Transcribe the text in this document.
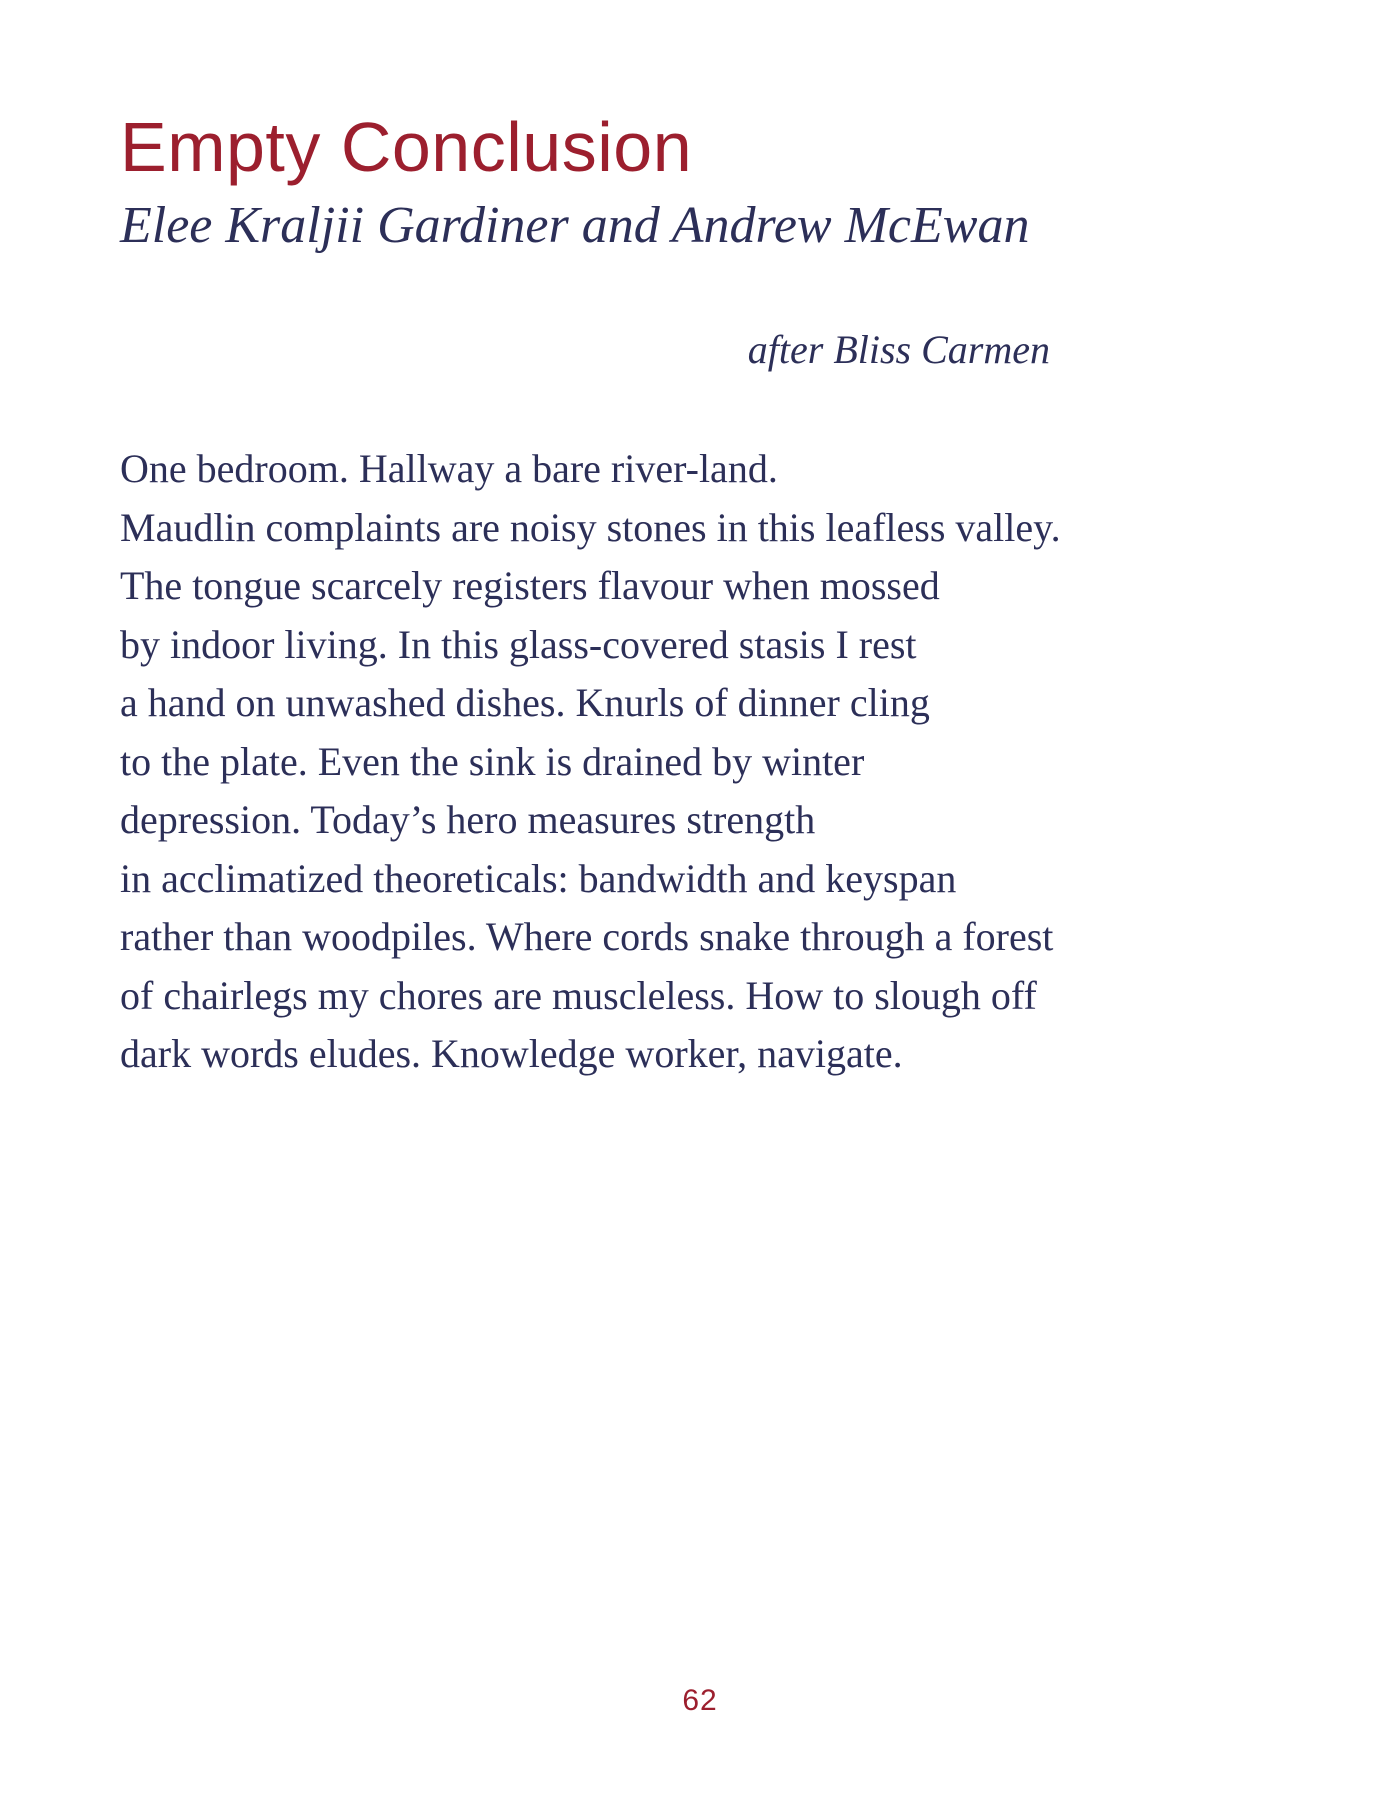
Empty Conclusion
Elee Kraljii Gardiner and Andrew McEwan

after Bliss Carmen

One bedroom. Hallway a bare river-land.
Maudlin complaints are noisy stones in this leafless valley.
The tongue scarcely registers flavour when mossed
by indoor living. In this glass-covered stasis I rest
a hand on unwashed dishes. Knurls of dinner cling
to the plate. Even the sink is drained by winter
depression. Today’s hero measures strength
in acclimatized theoreticals: bandwidth and keyspan
rather than woodpiles. Where cords snake through a forest
of chairlegs my chores are muscleless. How to slough off
dark words eludes. Knowledge worker, navigate.
62
